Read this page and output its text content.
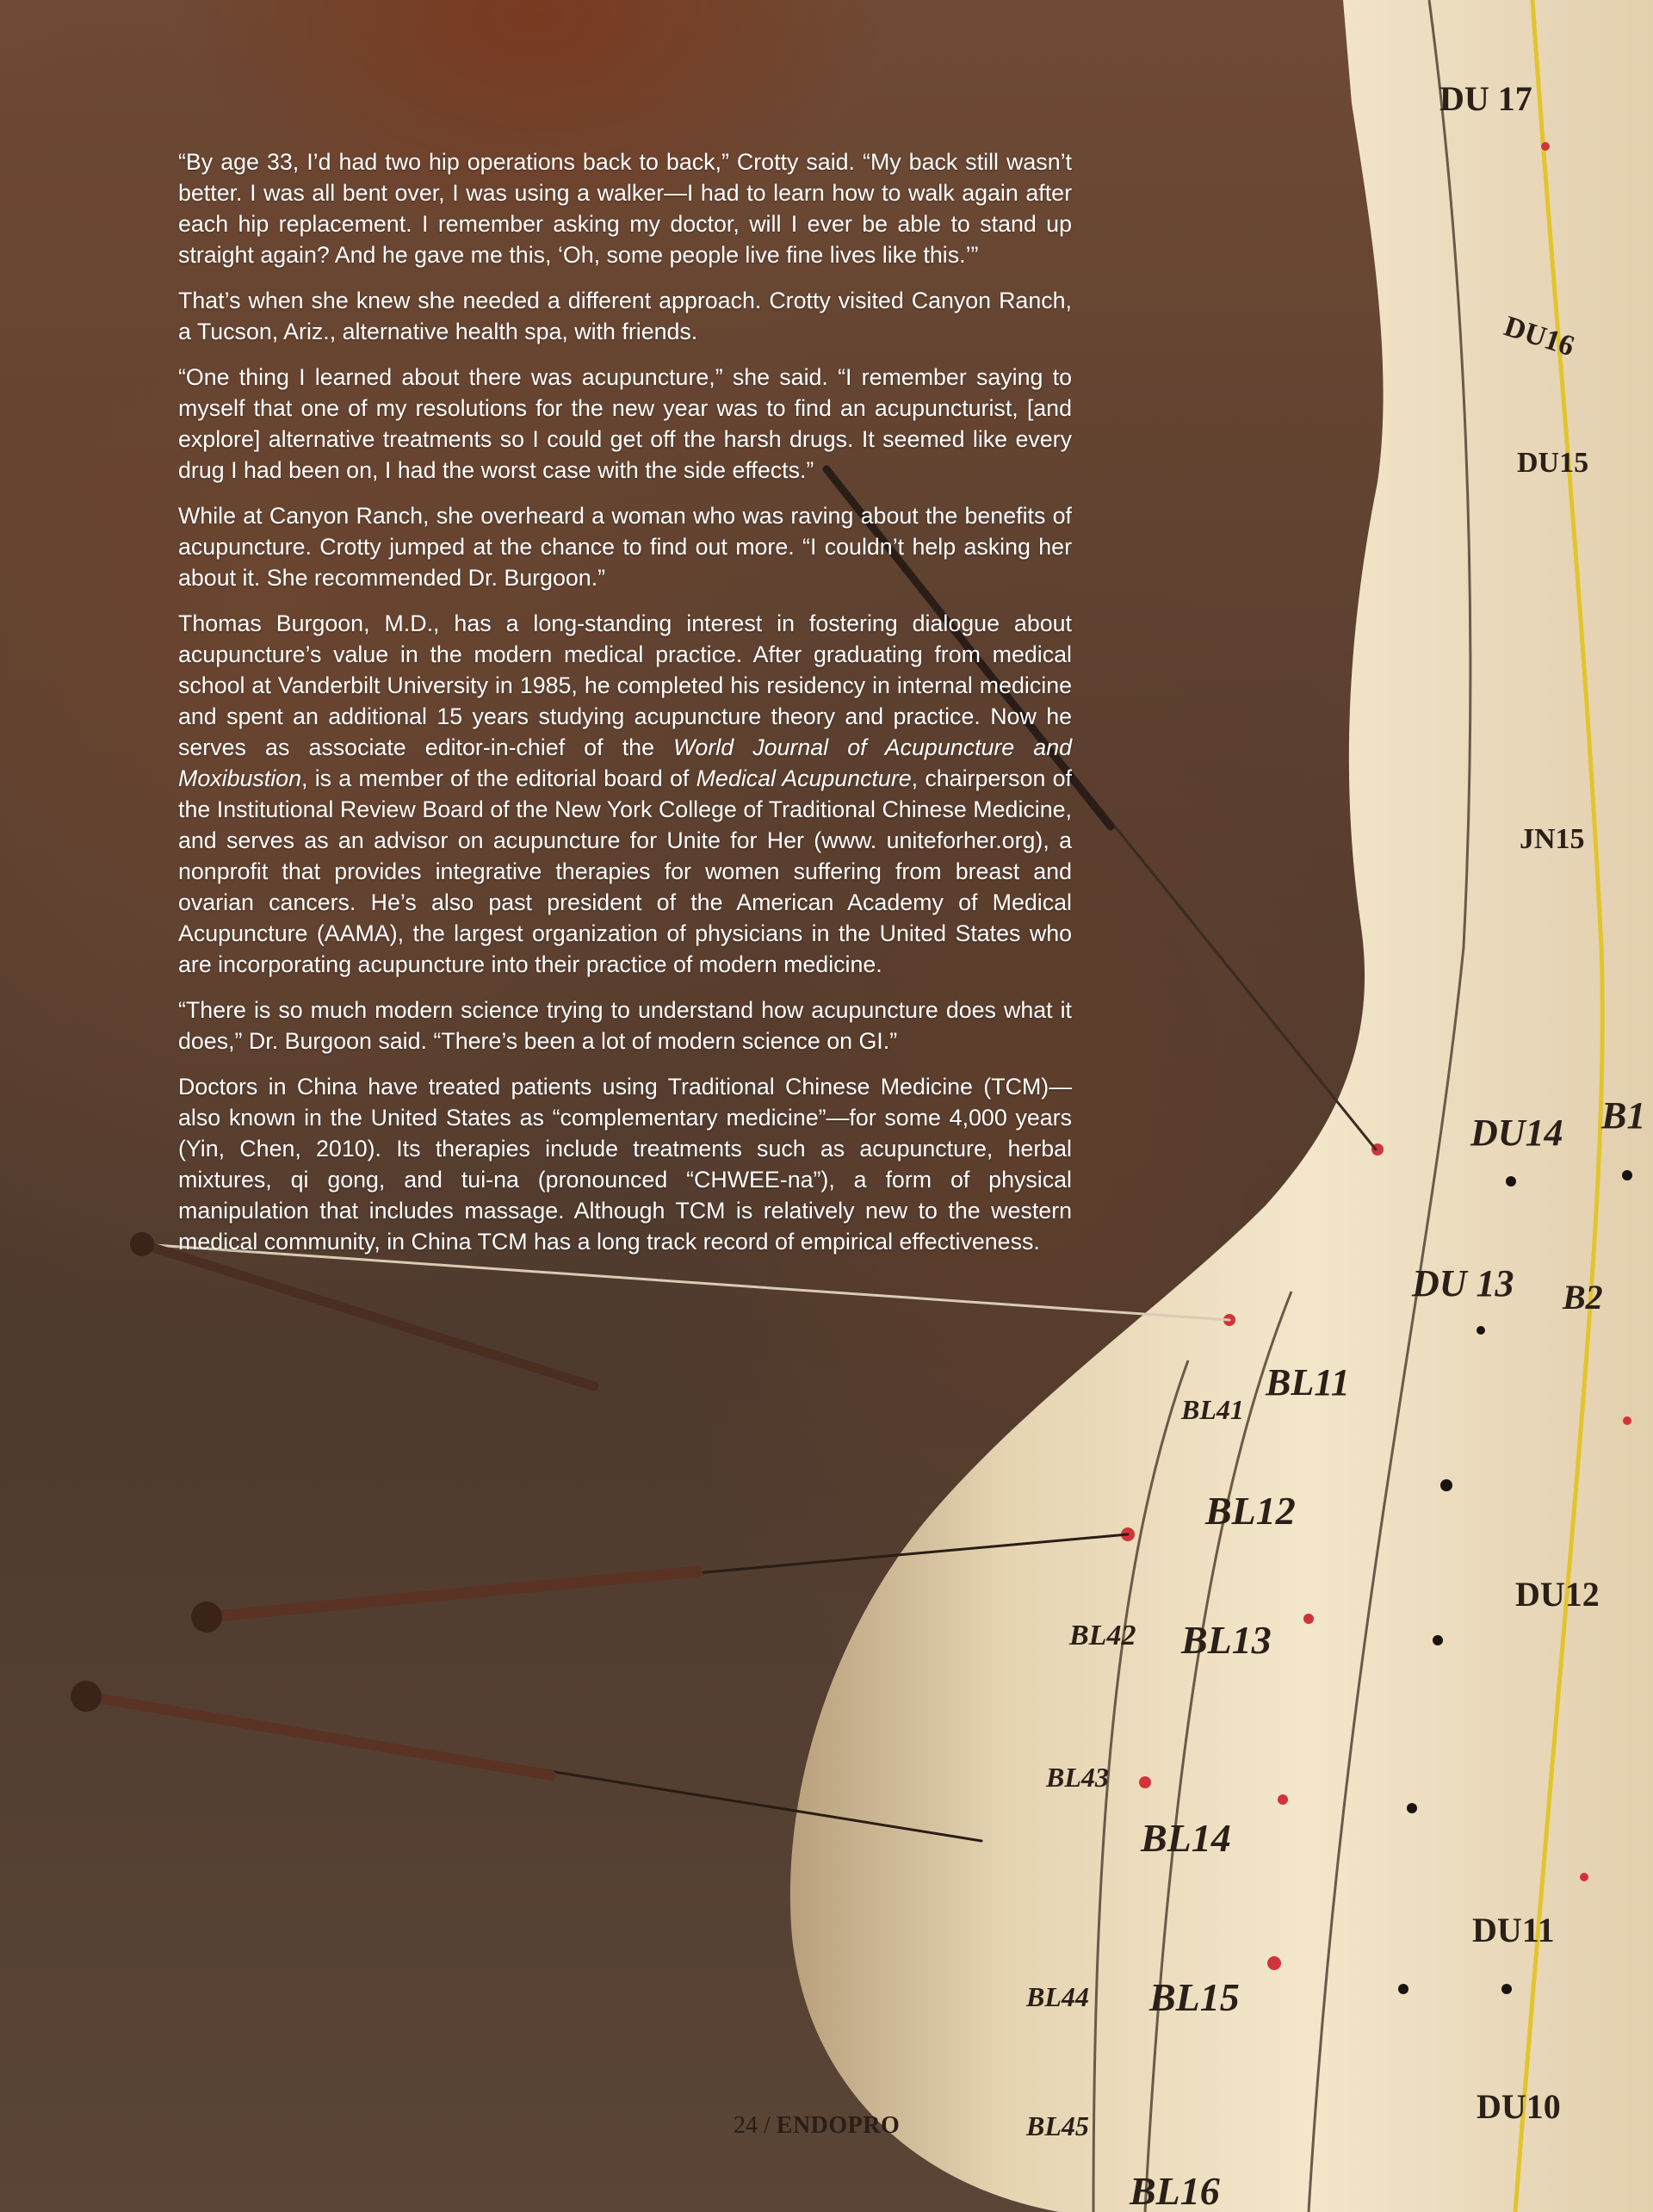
DU 17
DU16
DU15
JN15
DU14 B1
DU 13 B2
BL11
BL41
BL12
DU12
BL42 BL13
BL43
BL14
DU11
BL44 BL15
DU10
BL45
BL16

“By age 33, I’d had two hip operations back to back,” Crotty said. “My back still wasn’t better. I was all bent over, I was using a walker—I had to learn how to walk again after each hip replacement. I remember asking my doctor, will I ever be able to stand up straight again? And he gave me this, ‘Oh, some people live fine lives like this.’”

That’s when she knew she needed a different approach. Crotty visited Canyon Ranch, a Tucson, Ariz., alternative health spa, with friends.

“One thing I learned about there was acupuncture,” she said. “I remember saying to myself that one of my resolutions for the new year was to find an acupuncturist, [and explore] alternative treatments so I could get off the harsh drugs. It seemed like every drug I had been on, I had the worst case with the side effects.”

While at Canyon Ranch, she overheard a woman who was raving about the benefits of acupuncture. Crotty jumped at the chance to find out more. “I couldn’t help asking her about it. She recommended Dr. Burgoon.”

Thomas Burgoon, M.D., has a long-standing interest in fostering dialogue about acupuncture’s value in the modern medical practice. After graduating from medical school at Vanderbilt University in 1985, he completed his residency in internal medicine and spent an additional 15 years studying acupuncture theory and practice. Now he serves as associate editor-in-chief of the World Journal of Acupuncture and Moxibustion, is a member of the editorial board of Medical Acupuncture, chairperson of the Institutional Review Board of the New York College of Traditional Chinese Medicine, and serves as an advisor on acupuncture for Unite for Her (www. uniteforher.org), a nonprofit that provides integrative therapies for women suffering from breast and ovarian cancers. He’s also past president of the American Academy of Medical Acupuncture (AAMA), the largest organization of physicians in the United States who are incorporating acupuncture into their practice of modern medicine.

“There is so much modern science trying to understand how acupuncture does what it does,” Dr. Burgoon said. “There’s been a lot of modern science on GI.”

Doctors in China have treated patients using Traditional Chinese Medicine (TCM)—also known in the United States as “complementary medicine”—for some 4,000 years (Yin, Chen, 2010). Its therapies include treatments such as acupuncture, herbal mixtures, qi gong, and tui-na (pronounced “CHWEE-na”), a form of physical manipulation that includes massage. Although TCM is relatively new to the western medical community, in China TCM has a long track record of empirical effectiveness.

24 / ENDOPRO
